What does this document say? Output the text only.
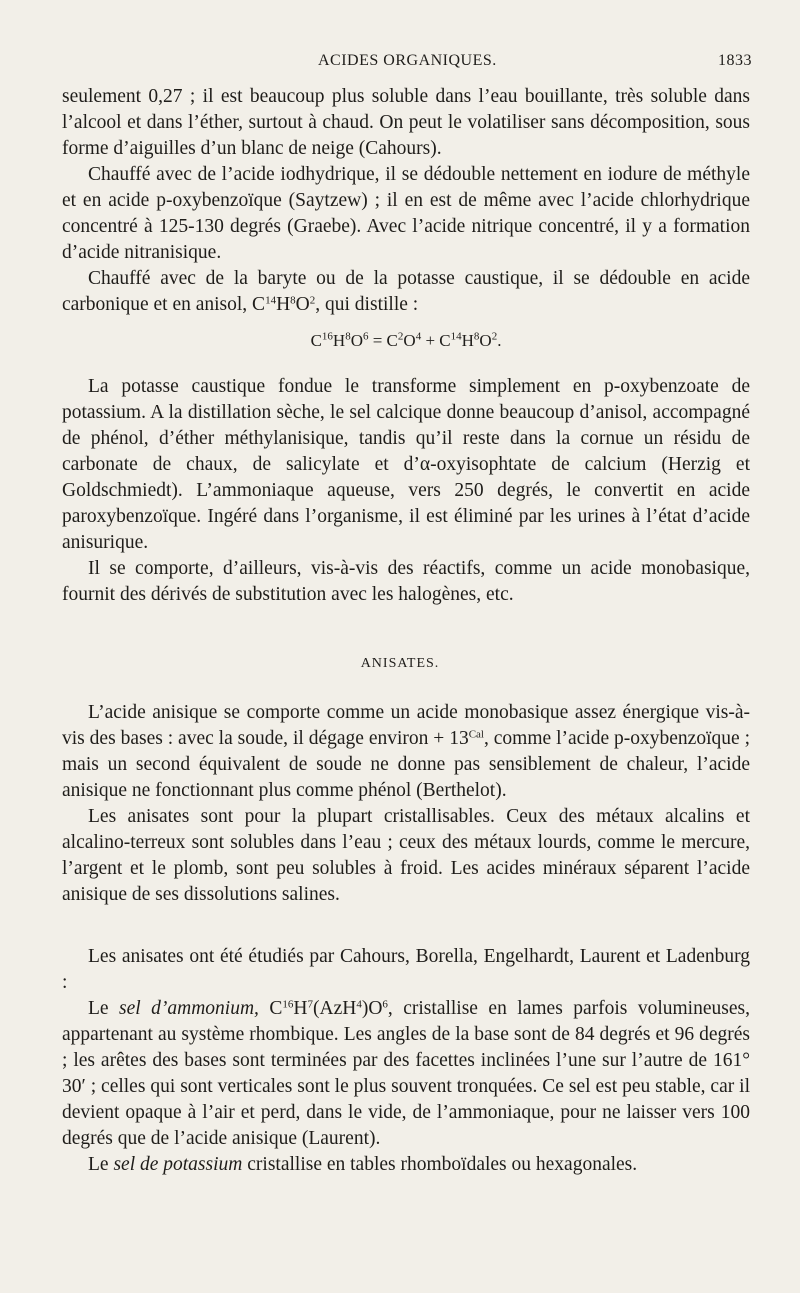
ACIDES ORGANIQUES.	1833

seulement 0,27 ; il est beaucoup plus soluble dans l’eau bouillante, très soluble dans l’alcool et dans l’éther, surtout à chaud. On peut le volatiliser sans décomposition, sous forme d’aiguilles d’un blanc de neige (Cahours).

Chauffé avec de l’acide iodhydrique, il se dédouble nettement en iodure de méthyle et en acide p-oxybenzoïque (Saytzew) ; il en est de même avec l’acide chlorhydrique concentré à 125-130 degrés (Graebe). Avec l’acide nitrique concentré, il y a formation d’acide nitranisique.

Chauffé avec de la baryte ou de la potasse caustique, il se dédouble en acide carbonique et en anisol, $C^{14}H^8O^2$, qui distille :

$C^{16}H^8O^6 = C^2O^4 + C^{14}H^8O^2$.

La potasse caustique fondue le transforme simplement en p-oxybenzoate de potassium. A la distillation sèche, le sel calcique donne beaucoup d’anisol, accompagné de phénol, d’éther méthylanisique, tandis qu’il reste dans la cornue un résidu de carbonate de chaux, de salicylate et d’α-oxyisophtate de calcium (Herzig et Goldschmiedt). L’ammoniaque aqueuse, vers 250 degrés, le convertit en acide paroxybenzoïque. Ingéré dans l’organisme, il est éliminé par les urines à l’état d’acide anisurique.

Il se comporte, d’ailleurs, vis-à-vis des réactifs, comme un acide monobasique, fournit des dérivés de substitution avec les halogènes, etc.

ANISATES.

L’acide anisique se comporte comme un acide monobasique assez énergique vis-à-vis des bases : avec la soude, il dégage environ + $13^{Cal}$, comme l’acide p-oxybenzoïque ; mais un second équivalent de soude ne donne pas sensiblement de chaleur, l’acide anisique ne fonctionnant plus comme phénol (Berthelot).

Les anisates sont pour la plupart cristallisables. Ceux des métaux alcalins et alcalino-terreux sont solubles dans l’eau ; ceux des métaux lourds, comme le mercure, l’argent et le plomb, sont peu solubles à froid. Les acides minéraux séparent l’acide anisique de ses dissolutions salines.

Les anisates ont été étudiés par Cahours, Borella, Engelhardt, Laurent et Ladenburg :

Le sel d’ammonium, $C^{16}H^7(AzH^4)O^6$, cristallise en lames parfois volumineuses, appartenant au système rhombique. Les angles de la base sont de 84 degrés et 96 degrés ; les arêtes des bases sont terminées par des facettes inclinées l’une sur l’autre de 161° 30′ ; celles qui sont verticales sont le plus souvent tronquées. Ce sel est peu stable, car il devient opaque à l’air et perd, dans le vide, de l’ammoniaque, pour ne laisser vers 100 degrés que de l’acide anisique (Laurent).

Le sel de potassium cristallise en tables rhomboïdales ou hexagonales.
